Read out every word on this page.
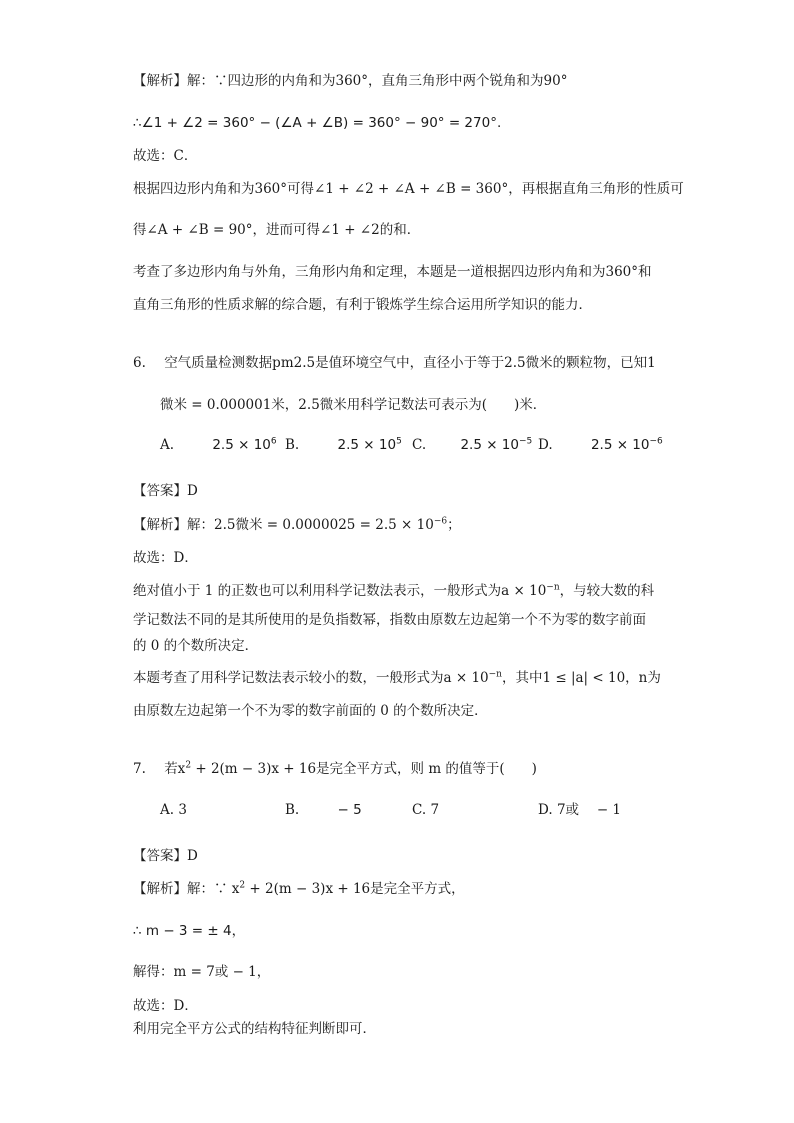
【解析】解：∵四边形的内角和为360°，直角三角形中两个锐角和为90°
∴∠1 + ∠2 = 360° − (∠A + ∠B) = 360° − 90° = 270°.
故选：C．
根据四边形内角和为360°可得∠1 + ∠2 + ∠A + ∠B = 360°，再根据直角三角形的性质可
得∠A + ∠B = 90°，进而可得∠1 + ∠2的和．
考查了多边形内角与外角，三角形内角和定理，本题是一道根据四边形内角和为360°和
直角三角形的性质求解的综合题，有利于锻炼学生综合运用所学知识的能力．
6. 空气质量检测数据pm2.5是值环境空气中，直径小于等于2.5微米的颗粒物，已知1
微米 = 0.000001米，2.5微米用科学记数法可表示为(　　)米．
A.	$2.5 \times 10^6$ B.	$2.5 \times 10^5$ C.	$2.5 \times 10^{-5}$ D.	$2.5 \times 10^{-6}$
【答案】D
【解析】解：2.5微米 = $0.0000025 = 2.5 \times 10^{-6}$；
故选：D．
绝对值小于 1 的正数也可以利用科学记数法表示，一般形式为$a \times 10^{-n}$，与较大数的科
学记数法不同的是其所使用的是负指数幂，指数由原数左边起第一个不为零的数字前面
的 0 的个数所决定．
本题考查了用科学记数法表示较小的数，一般形式为$a \times 10^{-n}$，其中1 ≤ |a| < 10，n为
由原数左边起第一个不为零的数字前面的 0 的个数所决定．
7. 若$x^2 + 2(m - 3)x + 16$是完全平方式，则 m 的值等于(　　)
A. 3	B.	− 5	C. 7	D. 7或　 − 1
【答案】D
【解析】解：∵ $x^2 + 2(m - 3)x + 16$是完全平方式，
∴ m − 3 = ± 4，
解得：m = 7或 − 1，
故选：D．
利用完全平方公式的结构特征判断即可．
